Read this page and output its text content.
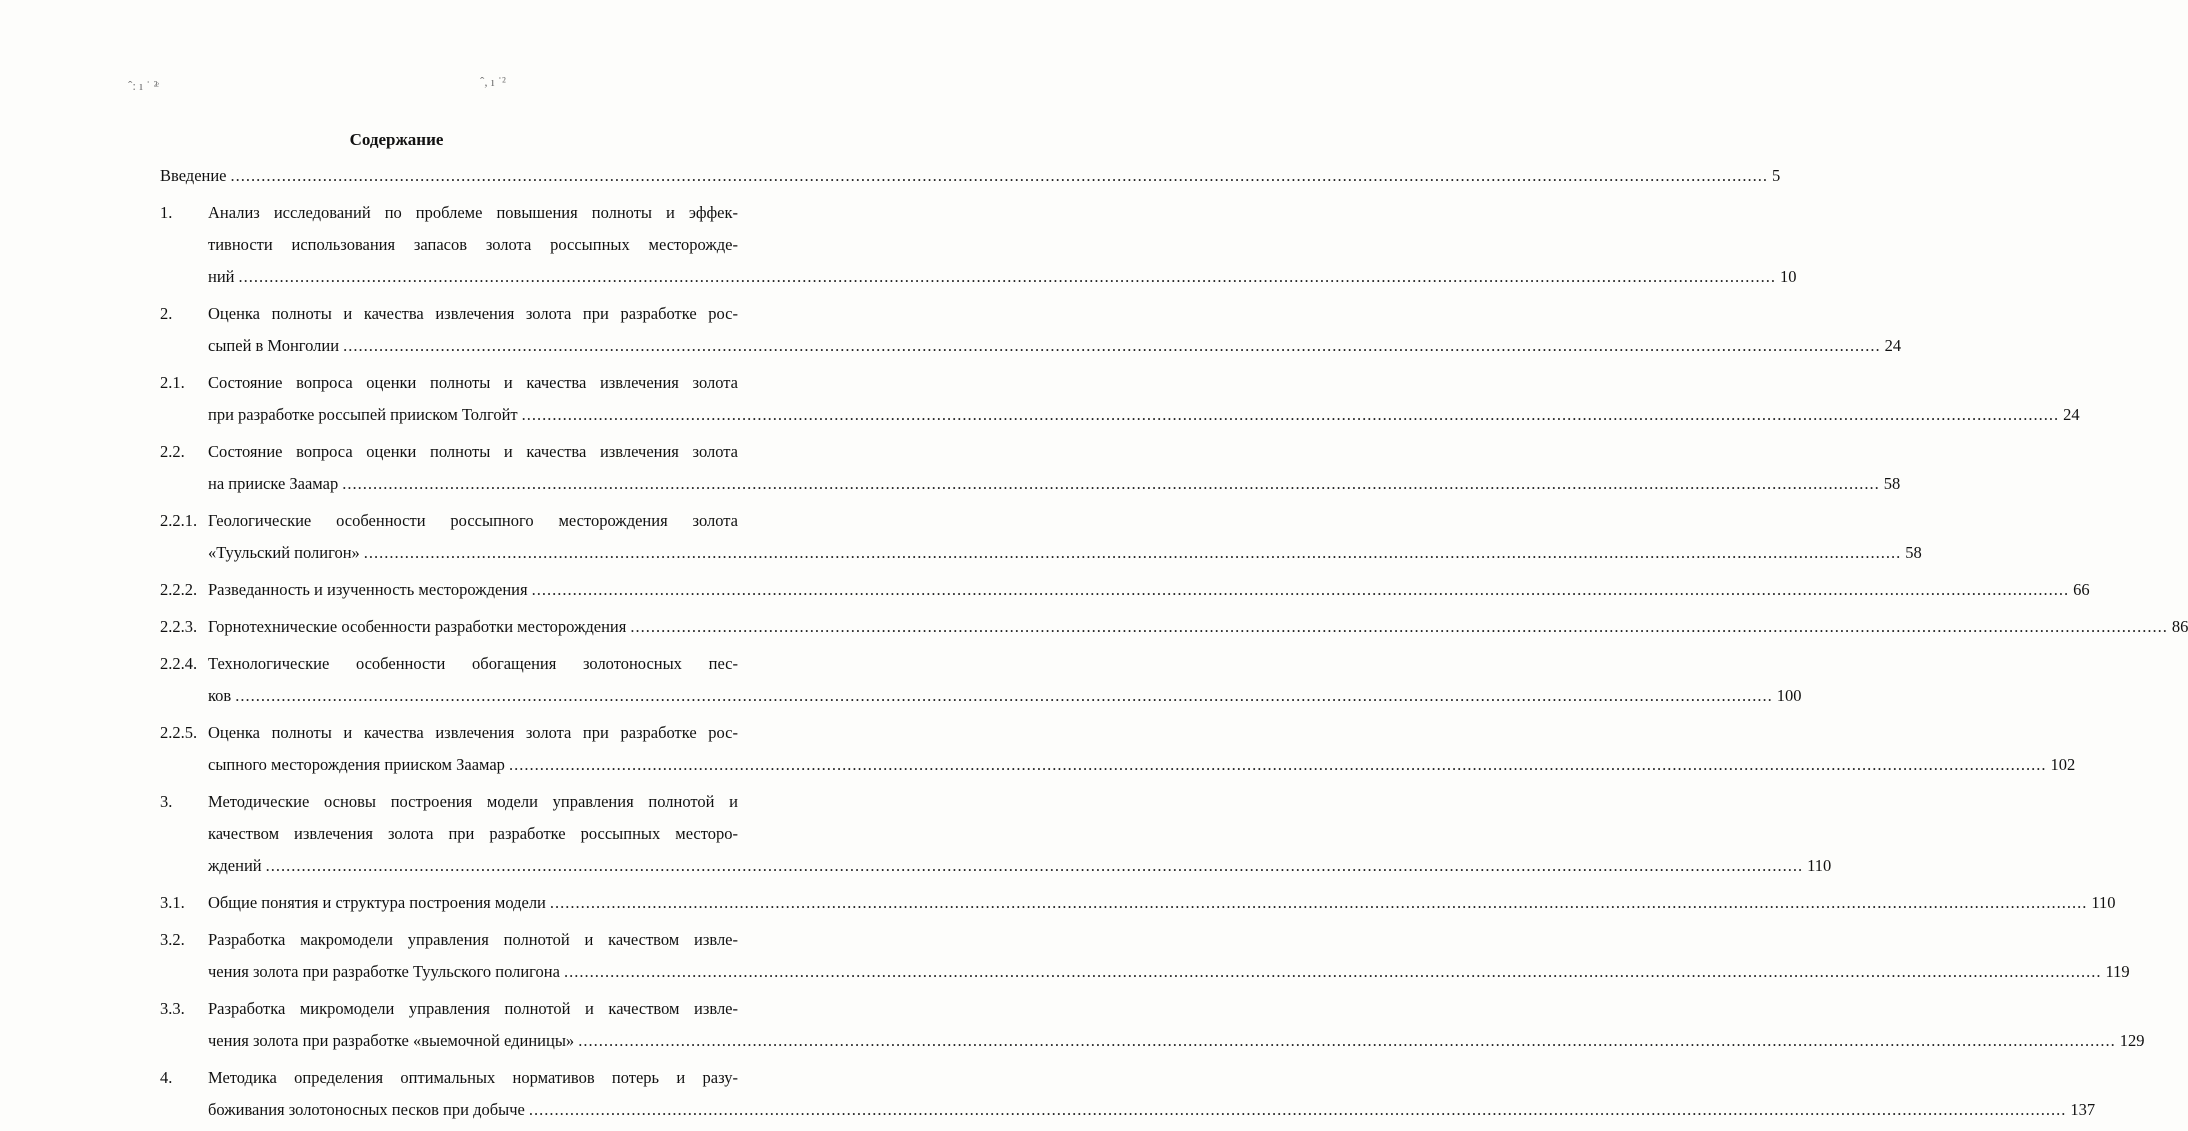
ˆ: ı ˈ ²ͤ	ˆ, ı ˈ²
Содержание
Введение ............................................................................................................................................................................................................................................................................................................ 5
1. Анализ исследований по проблеме повышения полноты и эффек-
тивности использования запасов золота россыпных месторожде-
ний ............................................................................................................................................................................................................................................................................................................ 10
2. Оценка полноты и качества извлечения золота при разработке рос-
сыпей в Монголии ............................................................................................................................................................................................................................................................................................................ 24
2.1. Состояние вопроса оценки полноты и качества извлечения золота
при разработке россыпей прииском Толгойт ............................................................................................................................................................................................................................................................................................................ 24
2.2. Состояние вопроса оценки полноты и качества извлечения золота
на прииске Заамар ............................................................................................................................................................................................................................................................................................................ 58
2.2.1. Геологические особенности россыпного месторождения золота
«Туульский полигон» ............................................................................................................................................................................................................................................................................................................ 58
2.2.2. Разведанность и изученность месторождения ............................................................................................................................................................................................................................................................................................................ 66
2.2.3. Горнотехнические особенности разработки месторождения ............................................................................................................................................................................................................................................................................................................ 86
2.2.4. Технологические особенности обогащения золотоносных пес-
ков ............................................................................................................................................................................................................................................................................................................ 100
2.2.5. Оценка полноты и качества извлечения золота при разработке рос-
сыпного месторождения прииском Заамар ............................................................................................................................................................................................................................................................................................................ 102
3. Методические основы построения модели управления полнотой и
качеством извлечения золота при разработке россыпных месторо-
ждений ............................................................................................................................................................................................................................................................................................................ 110
3.1. Общие понятия и структура построения модели ............................................................................................................................................................................................................................................................................................................ 110
3.2. Разработка макромодели управления полнотой и качеством извле-
чения золота при разработке Туульского полигона ............................................................................................................................................................................................................................................................................................................ 119
3.3. Разработка микромодели управления полнотой и качеством извле-
чения золота при разработке «выемочной единицы» ............................................................................................................................................................................................................................................................................................................ 129
4. Методика определения оптимальных нормативов потерь и разу-
боживания золотоносных песков при добыче ............................................................................................................................................................................................................................................................................................................ 137
